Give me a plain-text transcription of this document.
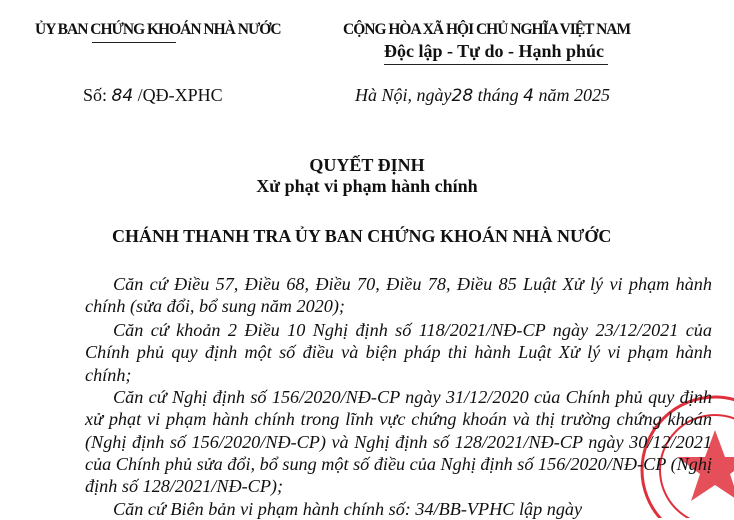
ỦY BAN CHỨNG KHOÁN NHÀ NƯỚC	CỘNG HÒA XÃ HỘI CHỦ NGHĨA VIỆT NAM
Độc lập - Tự do - Hạnh phúc
Số: 84 /QĐ-XPHC	Hà Nội, ngày28 tháng 4 năm 2025
QUYẾT ĐỊNH
Xử phạt vi phạm hành chính
CHÁNH THANH TRA ỦY BAN CHỨNG KHOÁN NHÀ NƯỚC
Căn cứ Điều 57, Điều 68, Điều 70, Điều 78, Điều 85 Luật Xử lý vi phạm hành chính (sửa đổi, bổ sung năm 2020);
Căn cứ khoản 2 Điều 10 Nghị định số 118/2021/NĐ-CP ngày 23/12/2021 của Chính phủ quy định một số điều và biện pháp thi hành Luật Xử lý vi phạm hành chính;
Căn cứ Nghị định số 156/2020/NĐ-CP ngày 31/12/2020 của Chính phủ quy định xử phạt vi phạm hành chính trong lĩnh vực chứng khoán và thị trường chứng khoán (Nghị định số 156/2020/NĐ-CP) và Nghị định số 128/2021/NĐ-CP ngày 30/12/2021 của Chính phủ sửa đổi, bổ sung một số điều của Nghị định số 156/2020/NĐ-CP (Nghị định số 128/2021/NĐ-CP);
Căn cứ Biên bản vi phạm hành chính số: 34/BB-VPHC lập ngày
